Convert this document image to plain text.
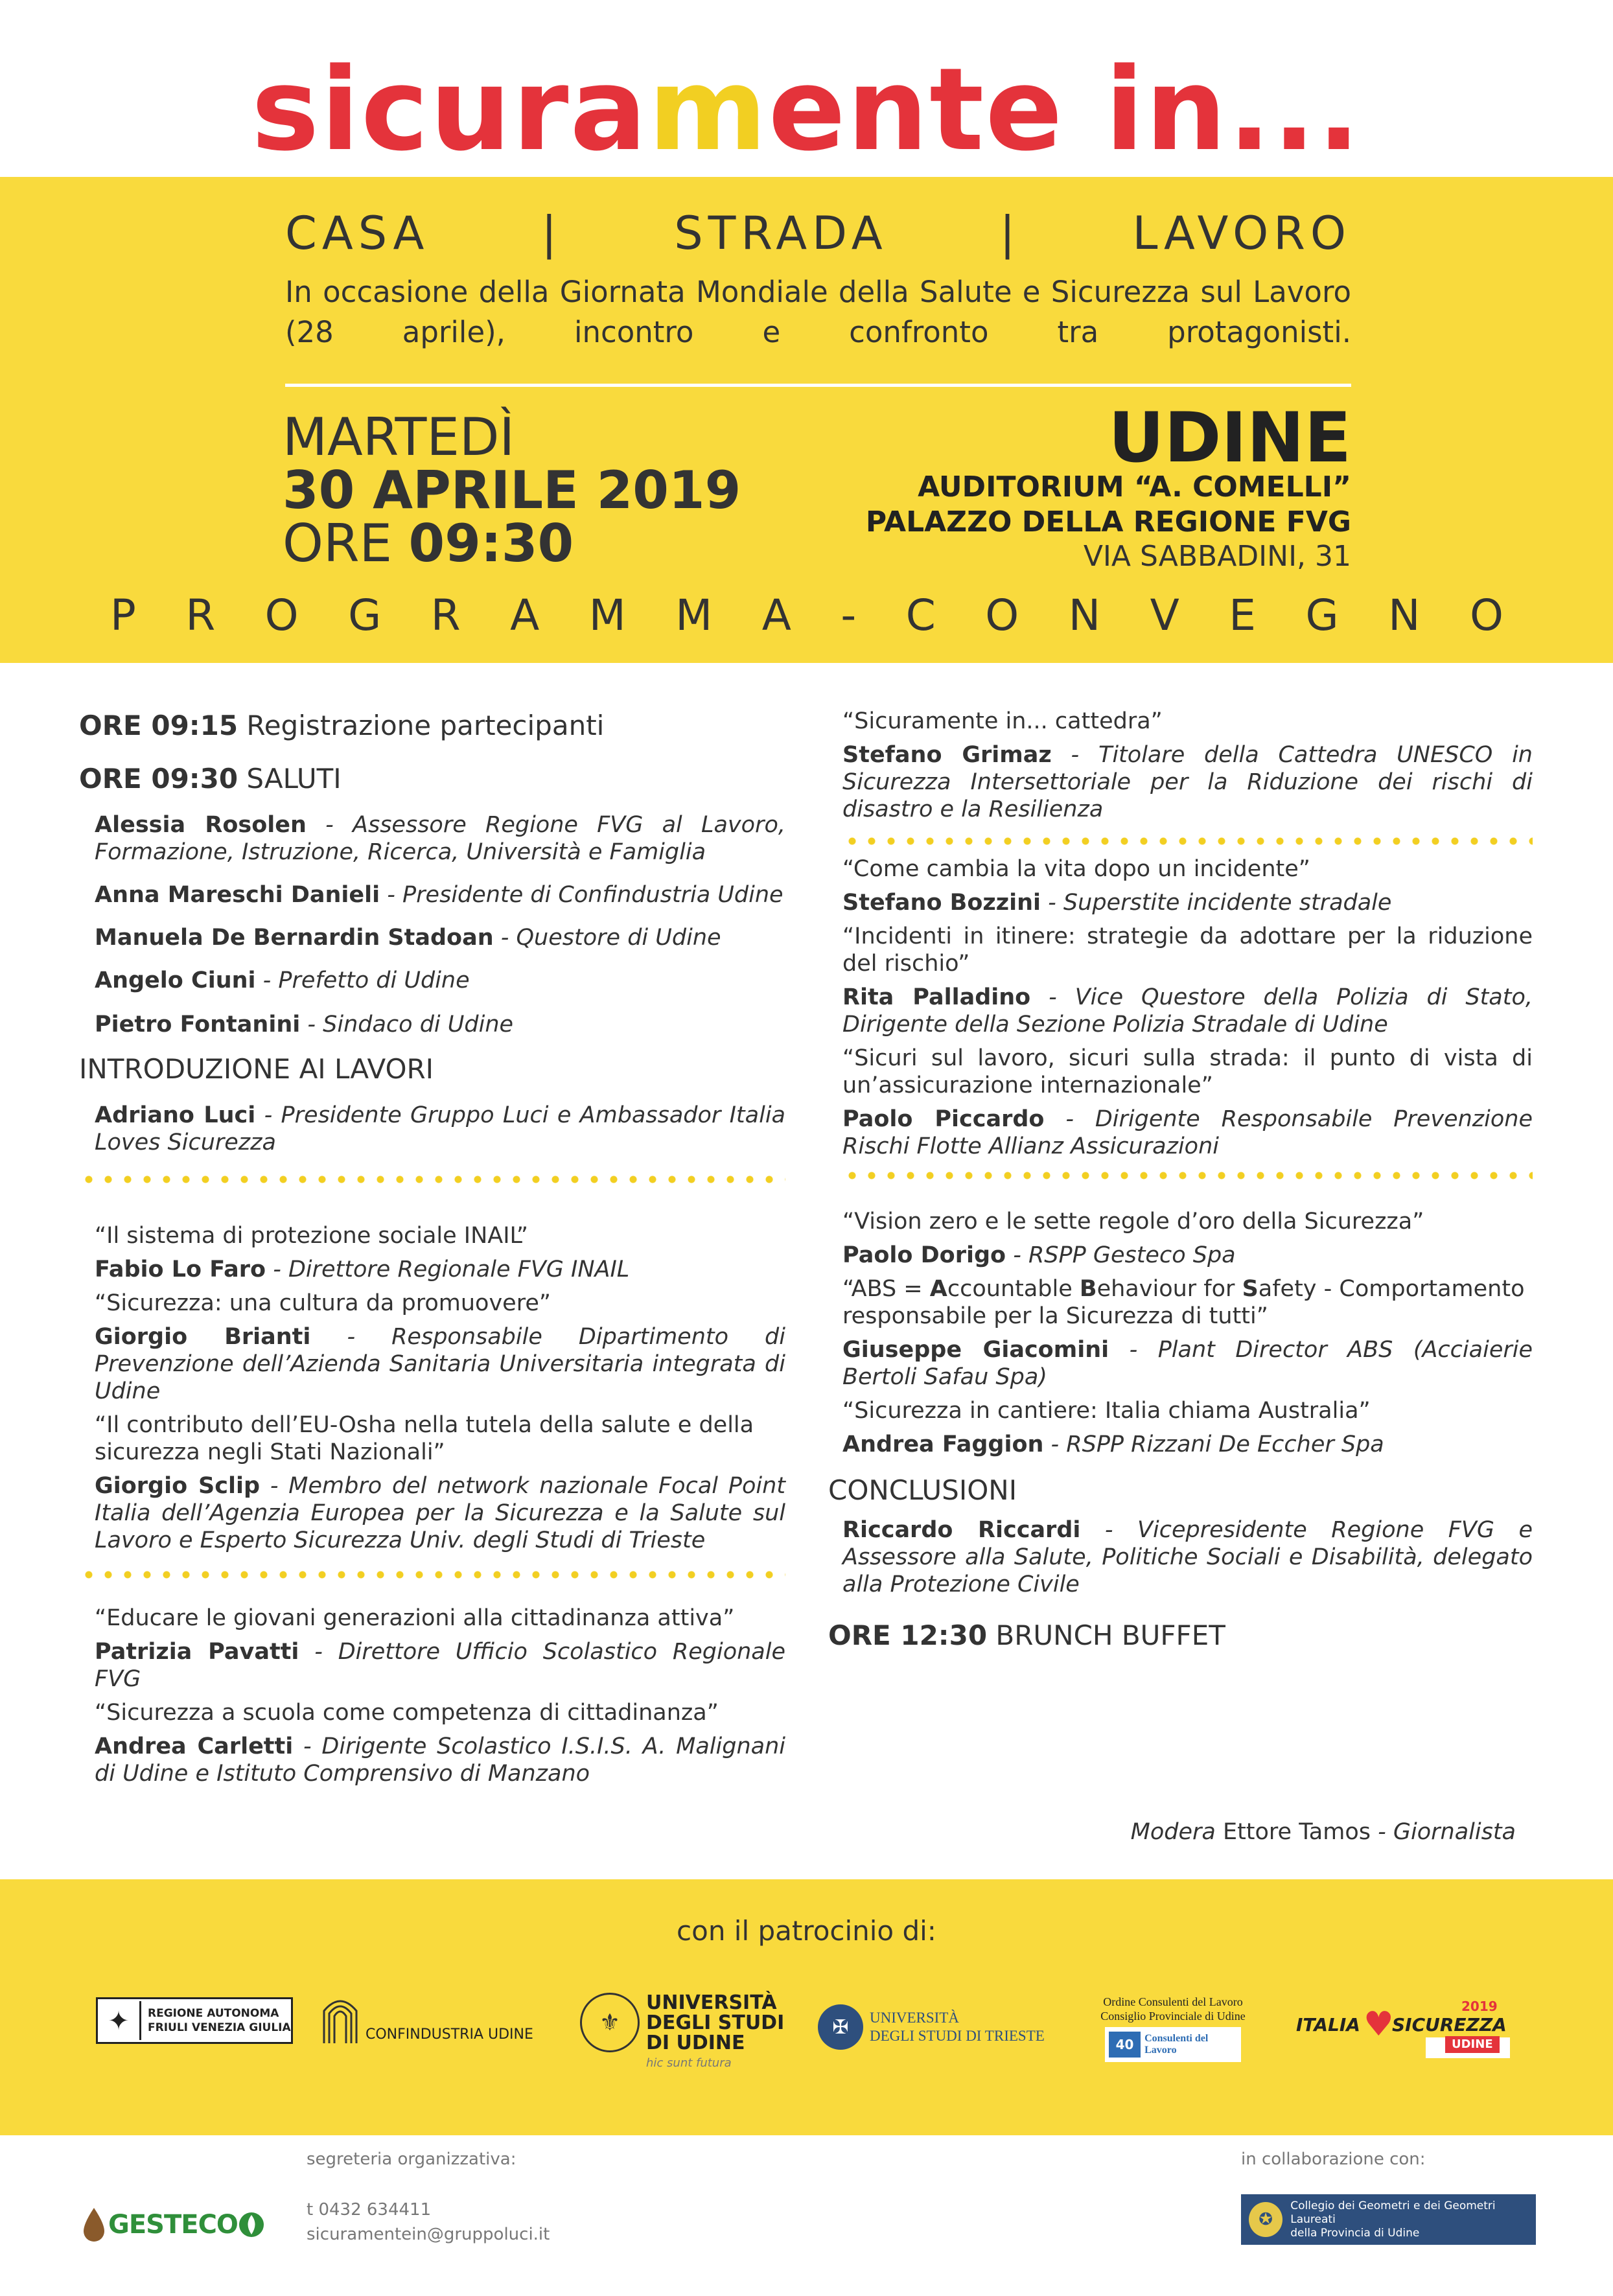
sicuramente in...
CASA | STRADA | LAVORO
In occasione della Giornata Mondiale della Salute e Sicurezza sul Lavoro (28 aprile), incontro e confronto tra protagonisti.
MARTEDÌ
30 APRILE 2019
ORE 09:30
UDINE
AUDITORIUM “A. COMELLI”
PALAZZO DELLA REGIONE FVG
VIA SABBADINI, 31
P R O G R A M M A - C O N V E G N O

ORE 09:15 Registrazione partecipanti

ORE 09:30 SALUTI

Alessia Rosolen - Assessore Regione FVG al Lavoro, Formazione, Istruzione, Ricerca, Università e Famiglia

Anna Mareschi Danieli - Presidente di Confindustria Udine

Manuela De Bernardin Stadoan - Questore di Udine

Angelo Ciuni - Prefetto di Udine

Pietro Fontanini - Sindaco di Udine

INTRODUZIONE AI LAVORI

Adriano Luci - Presidente Gruppo Luci e Ambassador Italia Loves Sicurezza

“Il sistema di protezione sociale INAIL”

Fabio Lo Faro - Direttore Regionale FVG INAIL

“Sicurezza: una cultura da promuovere”

Giorgio Brianti - Responsabile Dipartimento di Prevenzione dell’Azienda Sanitaria Universitaria integrata di Udine

“Il contributo dell’EU-Osha nella tutela della salute e della sicurezza negli Stati Nazionali”

Giorgio Sclip - Membro del network nazionale Focal Point Italia dell’Agenzia Europea per la Sicurezza e la Salute sul Lavoro e Esperto Sicurezza Univ. degli Studi di Trieste

“Educare le giovani generazioni alla cittadinanza attiva”

Patrizia Pavatti - Direttore Ufficio Scolastico Regionale FVG

“Sicurezza a scuola come competenza di cittadinanza”

Andrea Carletti - Dirigente Scolastico I.S.I.S. A. Malignani di Udine e Istituto Comprensivo di Manzano

“Sicuramente in... cattedra”

Stefano Grimaz - Titolare della Cattedra UNESCO in Sicurezza Intersettoriale per la Riduzione dei rischi di disastro e la Resilienza

“Come cambia la vita dopo un incidente”

Stefano Bozzini - Superstite incidente stradale

“Incidenti in itinere: strategie da adottare per la riduzione del rischio”

Rita Palladino - Vice Questore della Polizia di Stato, Dirigente della Sezione Polizia Stradale di Udine

“Sicuri sul lavoro, sicuri sulla strada: il punto di vista di un’assicurazione internazionale”

Paolo Piccardo - Dirigente Responsabile Prevenzione Rischi Flotte Allianz Assicurazioni

“Vision zero e le sette regole d’oro della Sicurezza”

Paolo Dorigo - RSPP Gesteco Spa

“ABS = Accountable Behaviour for Safety - Comportamento responsabile per la Sicurezza di tutti”

Giuseppe Giacomini - Plant Director ABS (Acciaierie Bertoli Safau Spa)

“Sicurezza in cantiere: Italia chiama Australia”

Andrea Faggion - RSPP Rizzani De Eccher Spa

CONCLUSIONI

Riccardo Riccardi - Vicepresidente Regione FVG e Assessore alla Salute, Politiche Sociali e Disabilità, delegato alla Protezione Civile

ORE 12:30 BRUNCH BUFFET

Modera Ettore Tamos - Giornalista
con il patrocinio di:
✦	REGIONE AUTONOMA
FRIULI VENEZIA GIULIA	CONFINDUSTRIA UDINE	⚜
UNIVERSITÀ
DEGLI STUDI
DI UDINE
hic sunt futura
✠	UNIVERSITÀ
DEGLI STUDI DI TRIESTE
Ordine Consulenti del Lavoro
Consiglio Provinciale di Udine
40	Consulenti del Lavoro
ITALIA ♥
SICUREZZA
2019
UDINE
GESTECO
segreteria organizzativa:
t 0432 634411
sicuramentein@gruppoluci.it
in collaborazione con:
✪
Collegio dei Geometri e dei Geometri Laureati
della Provincia di Udine
